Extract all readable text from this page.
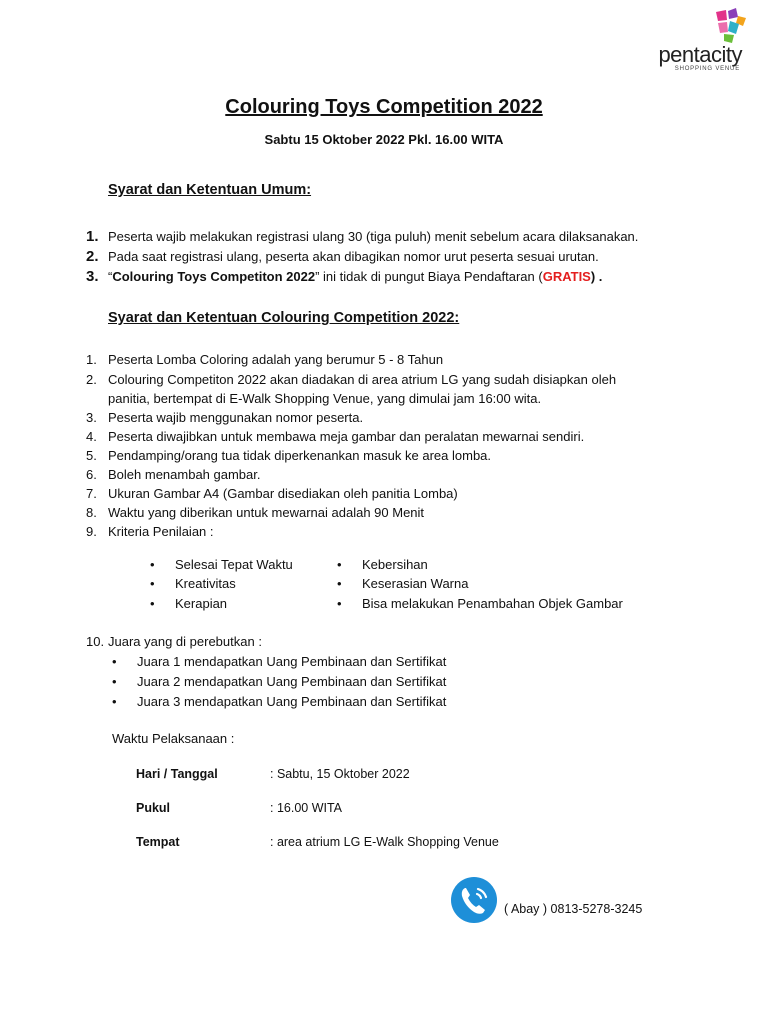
pentacity
SHOPPING VENUE
Colouring Toys Competition 2022
Sabtu 15 Oktober 2022 Pkl. 16.00 WITA
Syarat dan Ketentuan Umum:
1. Peserta wajib melakukan registrasi ulang 30 (tiga puluh) menit sebelum acara dilaksanakan.
2. Pada saat registrasi ulang, peserta akan dibagikan nomor urut peserta sesuai urutan.
3. “Colouring Toys Competiton 2022” ini tidak di pungut Biaya Pendaftaran (GRATIS) .
Syarat dan Ketentuan Colouring Competition 2022:
1. Peserta Lomba Coloring adalah yang berumur 5 - 8 Tahun
2. Colouring Competiton 2022 akan diadakan di area atrium LG yang sudah disiapkan oleh
panitia, bertempat di E-Walk Shopping Venue, yang dimulai jam 16:00 wita.
3. Peserta wajib menggunakan nomor peserta.
4. Peserta diwajibkan untuk membawa meja gambar dan peralatan mewarnai sendiri.
5. Pendamping/orang tua tidak diperkenankan masuk ke area lomba.
6. Boleh menambah gambar.
7. Ukuran Gambar A4 (Gambar disediakan oleh panitia Lomba)
8. Waktu yang diberikan untuk mewarnai adalah 90 Menit
9. Kriteria Penilaian :
• Selesai Tepat Waktu
• Kreativitas
• Kerapian
• Kebersihan
• Keserasian Warna
• Bisa melakukan Penambahan Objek Gambar
10. Juara yang di perebutkan :
• Juara 1 mendapatkan Uang Pembinaan dan Sertifikat
• Juara 2 mendapatkan Uang Pembinaan dan Sertifikat
• Juara 3 mendapatkan Uang Pembinaan dan Sertifikat
Waktu Pelaksanaan :
Hari / Tanggal	: Sabtu, 15 Oktober 2022
Pukul	: 16.00 WITA
Tempat	: area atrium LG E-Walk Shopping Venue
( Abay ) 0813-5278-3245
